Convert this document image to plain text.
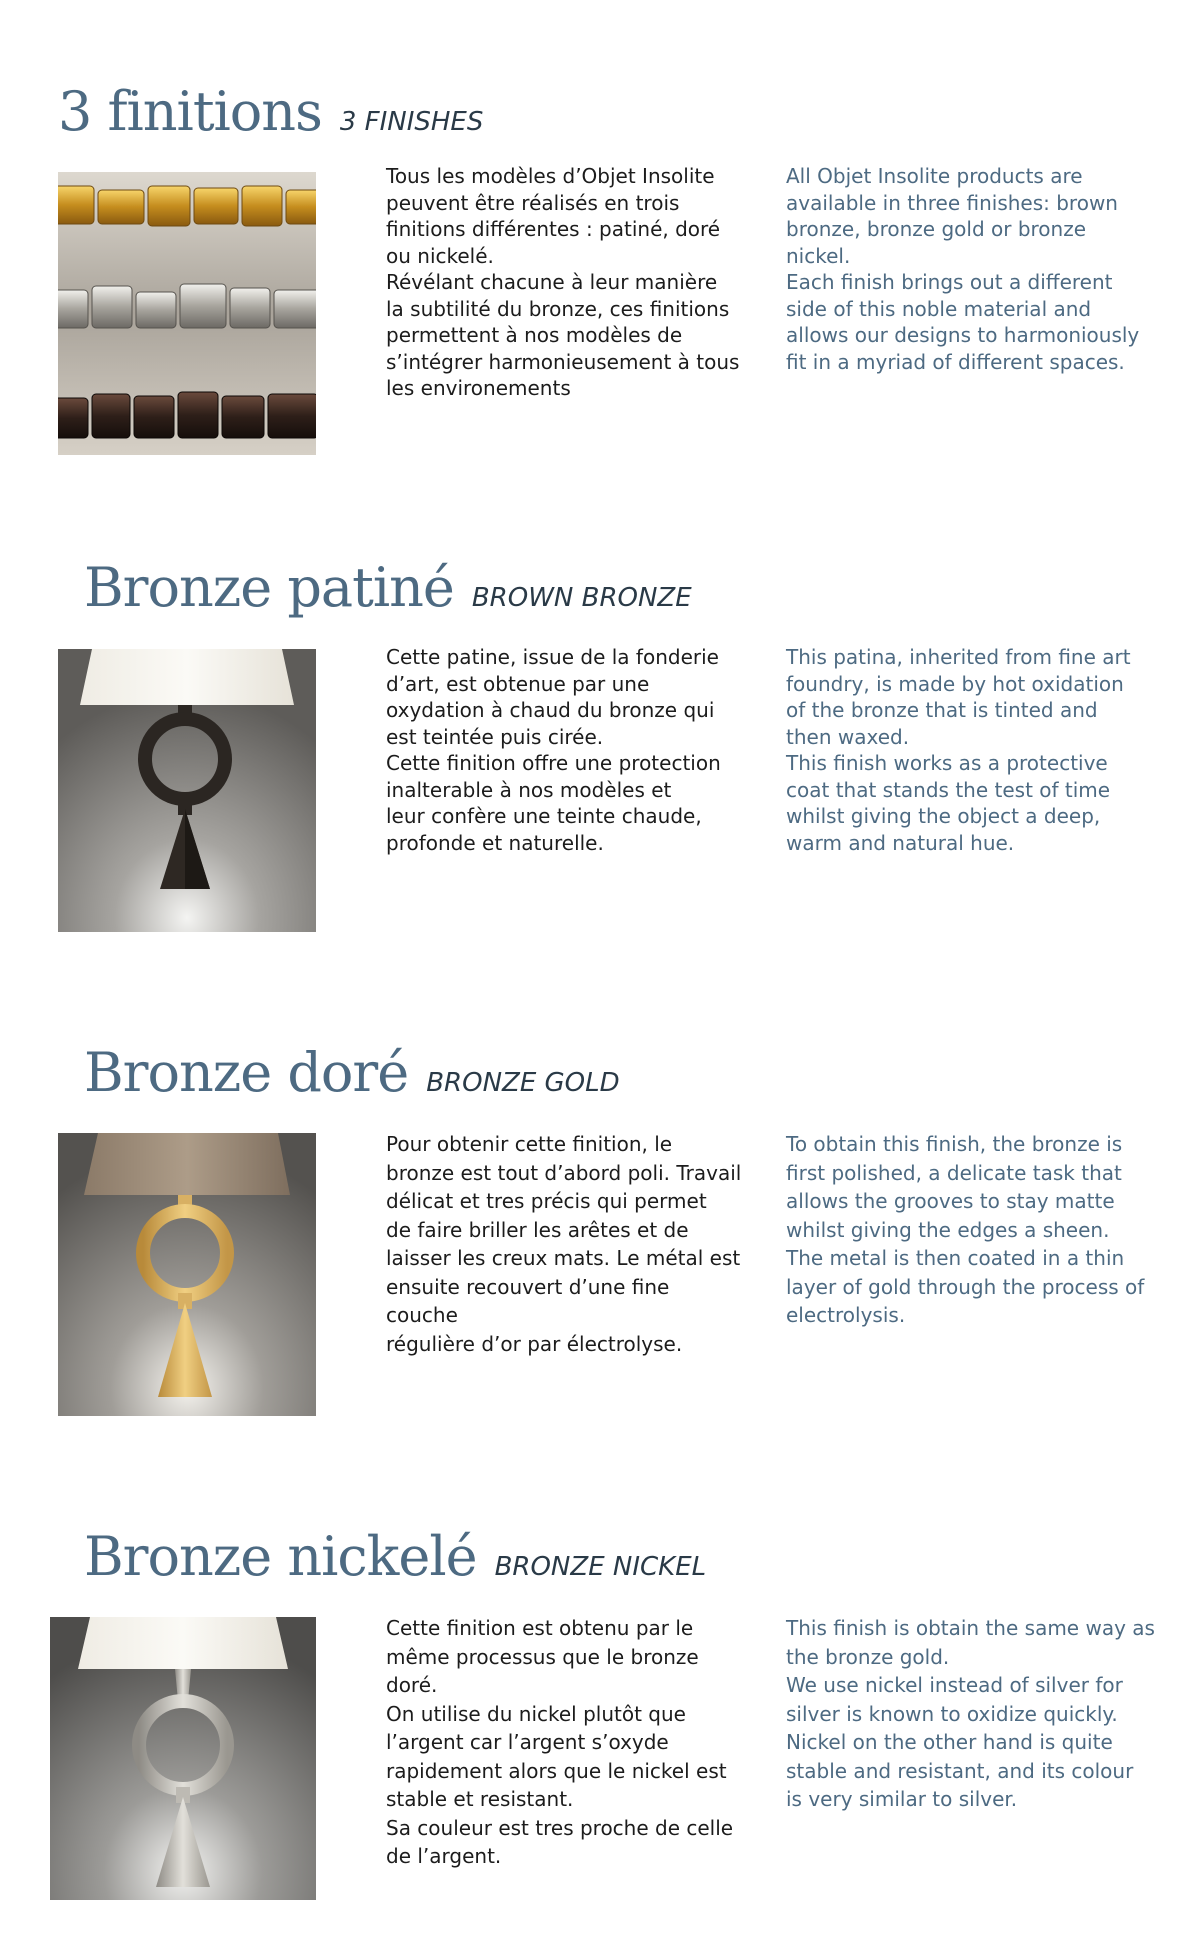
3 finitions 3 FINISHES
Tous les modèles d’Objet Insolite
peuvent être réalisés en trois
finitions différentes : patiné, doré
ou nickelé.
Révélant chacune à leur manière
la subtilité du bronze, ces finitions
permettent à nos modèles de
s’intégrer harmonieusement à tous
les environements
All Objet Insolite products are
available in three finishes: brown
bronze, bronze gold or bronze
nickel.
Each finish brings out a different
side of this noble material and
allows our designs to harmoniously
fit in a myriad of different spaces.
Bronze patiné BROWN BRONZE
Cette patine, issue de la fonderie
d’art, est obtenue par une
oxydation à chaud du bronze qui
est teintée puis cirée.
Cette finition offre une protection
inalterable à nos modèles et
leur confère une teinte chaude,
profonde et naturelle.
This patina, inherited from fine art
foundry, is made by hot oxidation
of the bronze that is tinted and
then waxed.
This finish works as a protective
coat that stands the test of time
whilst giving the object a deep,
warm and natural hue.
Bronze doré BRONZE GOLD
Pour obtenir cette finition, le
bronze est tout d’abord poli. Travail
délicat et tres précis qui permet
de faire briller les arêtes et de
laisser les creux mats. Le métal est
ensuite recouvert d’une fine couche
régulière d’or par électrolyse.
To obtain this finish, the bronze is
first polished, a delicate task that
allows the grooves to stay matte
whilst giving the edges a sheen.
The metal is then coated in a thin
layer of gold through the process of
electrolysis.
Bronze nickelé BRONZE NICKEL
Cette finition est obtenu par le
même processus que le bronze
doré.
On utilise du nickel plutôt que
l’argent car l’argent s’oxyde
rapidement alors que le nickel est
stable et resistant.
Sa couleur est tres proche de celle
de l’argent.
This finish is obtain the same way as
the bronze gold.
We use nickel instead of silver for
silver is known to oxidize quickly.
Nickel on the other hand is quite
stable and resistant, and its colour
is very similar to silver.
